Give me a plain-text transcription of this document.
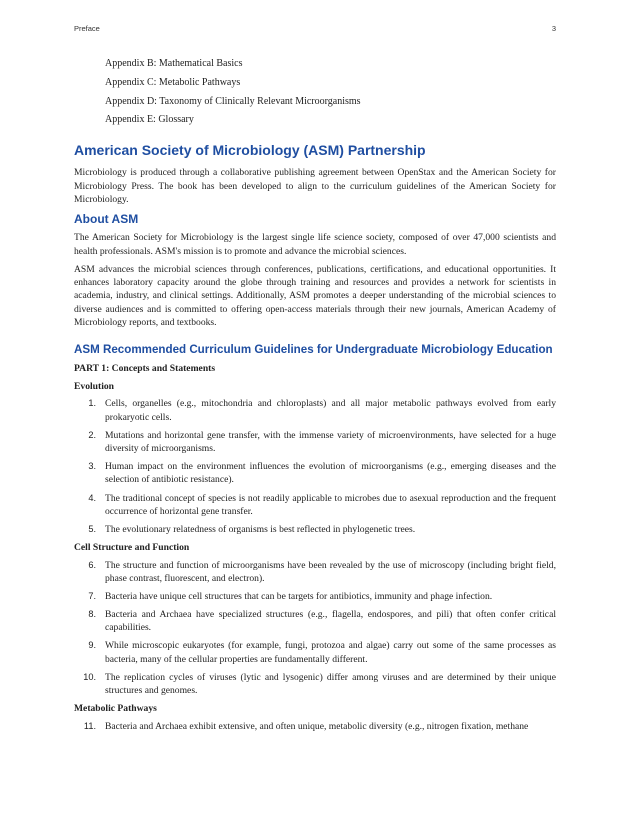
Preface	3
Appendix B: Mathematical Basics
Appendix C: Metabolic Pathways
Appendix D: Taxonomy of Clinically Relevant Microorganisms
Appendix E: Glossary
American Society of Microbiology (ASM) Partnership

Microbiology is produced through a collaborative publishing agreement between OpenStax and the American Society for Microbiology Press. The book has been developed to align to the curriculum guidelines of the American Society for Microbiology.

About ASM

The American Society for Microbiology is the largest single life science society, composed of over 47,000 scientists and health professionals. ASM's mission is to promote and advance the microbial sciences.

ASM advances the microbial sciences through conferences, publications, certifications, and educational opportunities. It enhances laboratory capacity around the globe through training and resources and provides a network for scientists in academia, industry, and clinical settings. Additionally, ASM promotes a deeper understanding of the microbial sciences to diverse audiences and is committed to offering open-access materials through their new journals, American Academy of Microbiology reports, and textbooks.

ASM Recommended Curriculum Guidelines for Undergraduate Microbiology Education
PART 1: Concepts and Statements
Evolution
1. Cells, organelles (e.g., mitochondria and chloroplasts) and all major metabolic pathways evolved from early prokaryotic cells.
2. Mutations and horizontal gene transfer, with the immense variety of microenvironments, have selected for a huge diversity of microorganisms.
3. Human impact on the environment influences the evolution of microorganisms (e.g., emerging diseases and the selection of antibiotic resistance).
4. The traditional concept of species is not readily applicable to microbes due to asexual reproduction and the frequent occurrence of horizontal gene transfer.
5. The evolutionary relatedness of organisms is best reflected in phylogenetic trees.
Cell Structure and Function
6. The structure and function of microorganisms have been revealed by the use of microscopy (including bright field, phase contrast, fluorescent, and electron).
7. Bacteria have unique cell structures that can be targets for antibiotics, immunity and phage infection.
8. Bacteria and Archaea have specialized structures (e.g., flagella, endospores, and pili) that often confer critical capabilities.
9. While microscopic eukaryotes (for example, fungi, protozoa and algae) carry out some of the same processes as bacteria, many of the cellular properties are fundamentally different.
10. The replication cycles of viruses (lytic and lysogenic) differ among viruses and are determined by their unique structures and genomes.
Metabolic Pathways
11. Bacteria and Archaea exhibit extensive, and often unique, metabolic diversity (e.g., nitrogen fixation, methane
